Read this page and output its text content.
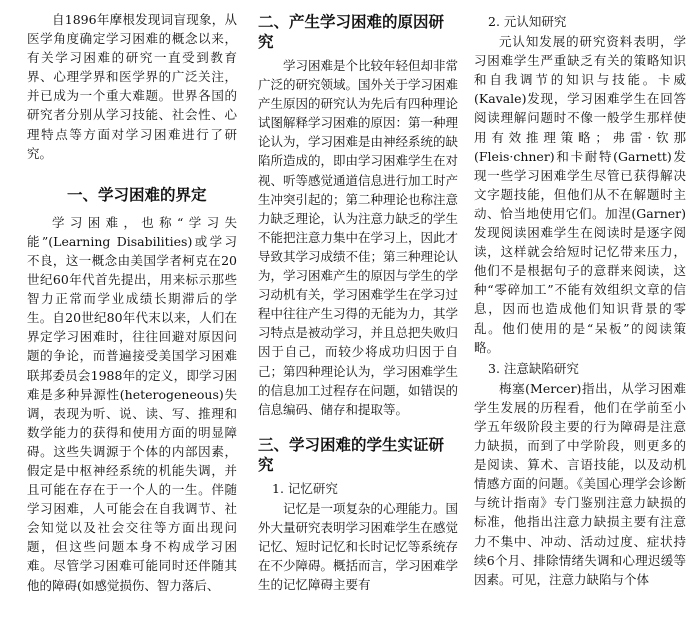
自1896年摩根发现词盲现象，从医学角度确定学习困难的概念以来，有关学习困难的研究一直受到教育界、心理学界和医学界的广泛关注，并已成为一个重大难题。世界各国的研究者分别从学习技能、社会性、心理特点等方面对学习困难进行了研究。

一、学习困难的界定

学习困难，也称“学习失能”(Learning Disabilities)或学习不良，这一概念由美国学者柯克在20世纪60年代首先提出，用来标示那些智力正常而学业成绩长期滞后的学生。自20世纪80年代末以来，人们在界定学习困难时，往往回避对原因问题的争论，而普遍接受美国学习困难联邦委员会1988年的定义，即学习困难是多种异源性(heterogeneous)失调，表现为听、说、读、写、推理和数学能力的获得和使用方面的明显障碍。这些失调源于个体的内部因素，假定是中枢神经系统的机能失调，并且可能在存在于一个人的一生。伴随学习困难，人可能会在自我调节、社会知觉以及社会交往等方面出现问题，但这些问题本身不构成学习困难。尽管学习困难可能同时还伴随其他的障碍(如感觉损伤、智力落后、

二、产生学习困难的原因研究

学习困难是个比较年轻但却非常广泛的研究领域。国外关于学习困难产生原因的研究认为先后有四种理论试图解释学习困难的原因：第一种理论认为，学习困难是由神经系统的缺陷所造成的，即由学习困难学生在对视、听等感觉通道信息进行加工时产生冲突引起的；第二种理论也称注意力缺乏理论，认为注意力缺乏的学生不能把注意力集中在学习上，因此才导致其学习成绩不佳；第三种理论认为，学习困难产生的原因与学生的学习动机有关，学习困难学生在学习过程中往往产生习得的无能为力，其学习特点是被动学习，并且总把失败归因于自己，而较少将成功归因于自己；第四种理论认为，学习困难学生的信息加工过程存在问题，如错误的信息编码、储存和提取等。

三、学习困难的学生实证研究
1. 记忆研究

记忆是一项复杂的心理能力。国外大量研究表明学习困难学生在感觉记忆、短时记忆和长时记忆等系统存在不少障碍。概括而言，学习困难学生的记忆障碍主要有

2. 元认知研究

元认知发展的研究资料表明，学习困难学生严重缺乏有关的策略知识和自我调节的知识与技能。卡威(Kavale)发现，学习困难学生在回答阅读理解问题时不像一般学生那样使用有效推理策略；弗雷·钦那(Fleis·chner)和卡耐特(Garnett)发现一些学习困难学生尽管已获得解决文字题技能，但他们从不在解题时主动、恰当地使用它们。加涅(Garner)发现阅读困难学生在阅读时是逐字阅读，这样就会给短时记忆带来压力，他们不是根据句子的意群来阅读，这种“零碎加工”不能有效组织文章的信息，因而也造成他们知识背景的零乱。他们使用的是“呆板”的阅读策略。

3. 注意缺陷研究

梅塞(Mercer)指出，从学习困难学生发展的历程看，他们在学前至小学五年级阶段主要的行为障碍是注意力缺损，而到了中学阶段，则更多的是阅读、算术、言语技能，以及动机情感方面的问题。《美国心理学会诊断与统计指南》专门鉴别注意力缺损的标准，他指出注意力缺损主要有注意力不集中、冲动、活动过度、症状持续6个月、排除情绪失调和心理迟缓等因素。可见，注意力缺陷与个体
